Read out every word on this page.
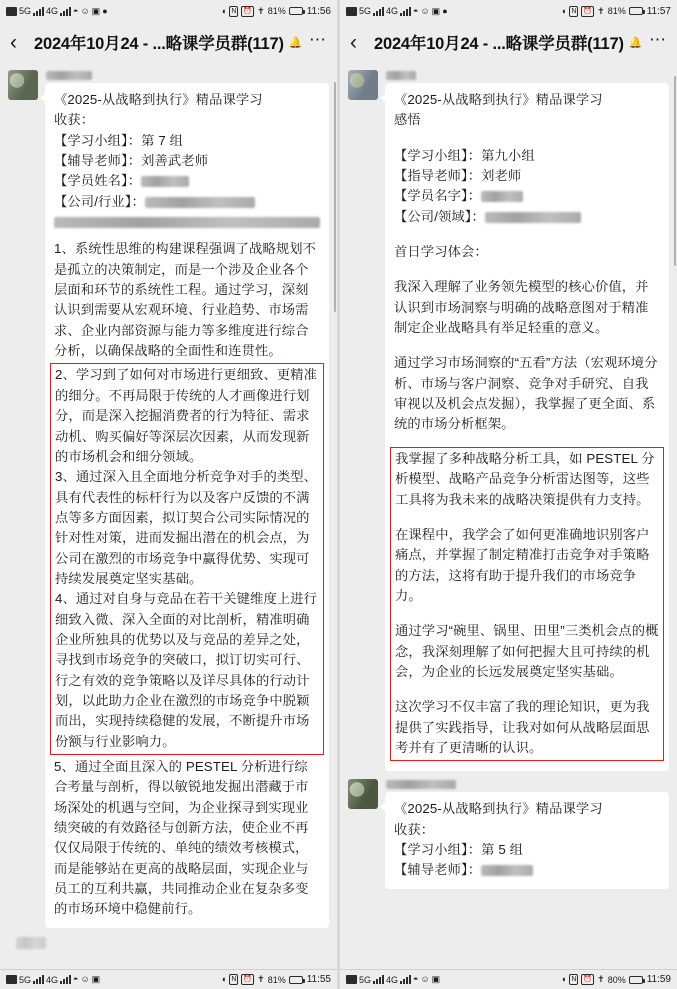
5G 4G ◓ ☺ ▣ ●	◖ N ⏰ ✝ 81% 11:56
‹	2024年10月24 - ...略课学员群(117) 🔔 ⋯

《2025-从战略到执行》精品课学习

收获：

【学习小组】：第 7 组

【辅导老师】：刘善武老师

【学员姓名】：

【公司/行业】：

1、系统性思维的构建课程强调了战略规划不是孤立的决策制定，而是一个涉及企业各个层面和环节的系统性工程。通过学习，深刻认识到需要从宏观环境、行业趋势、市场需求、企业内部资源与能力等多维度进行综合分析，以确保战略的全面性和连贯性。

2、学习到了如何对市场进行更细致、更精准的细分。不再局限于传统的人才画像进行划分，而是深入挖掘消费者的行为特征、需求动机、购买偏好等深层次因素，从而发现新的市场机会和细分领域。

3、通过深入且全面地分析竞争对手的类型、具有代表性的标杆行为以及客户反馈的不满点等多方面因素，拟订契合公司实际情况的针对性对策，进而发掘出潜在的机会点，为公司在激烈的市场竞争中赢得优势、实现可持续发展奠定坚实基础。

4、通过对自身与竞品在若干关键维度上进行细致入微、深入全面的对比剖析，精准明确企业所独具的优势以及与竞品的差异之处，寻找到市场竞争的突破口，拟订切实可行、行之有效的竞争策略以及详尽具体的行动计划，以此助力企业在激烈的市场竞争中脱颖而出，实现持续稳健的发展，不断提升市场份额与行业影响力。

5、通过全面且深入的 PESTEL 分析进行综合考量与剖析，得以敏锐地发掘出潜藏于市场深处的机遇与空间，为企业探寻到实现业绩突破的有效路径与创新方法，使企业不再仅仅局限于传统的、单纯的绩效考核模式，而是能够站在更高的战略层面，实现企业与员工的互利共赢，共同推动企业在复杂多变的市场环境中稳健前行。

5G 4G ◓ ☺ ▣	◖ N ⏰ ✝ 81% 11:55
5G 4G ◓ ☺ ▣ ●	◖ N ⏰ ✝ 81% 11:57
‹	2024年10月24 - ...略课学员群(117) 🔔 ⋯

《2025-从战略到执行》精品课学习

感悟

【学习小组】：第九小组

【指导老师】：刘老师

【学员名字】：

【公司/领域】：

首日学习体会：

我深入理解了业务领先模型的核心价值，并认识到市场洞察与明确的战略意图对于精准制定企业战略具有举足轻重的意义。

通过学习市场洞察的“五看”方法（宏观环境分析、市场与客户洞察、竞争对手研究、自我审视以及机会点发掘），我掌握了更全面、系统的市场分析框架。

我掌握了多种战略分析工具，如 PESTEL 分析模型、战略产品竞争分析雷达图等，这些工具将为我未来的战略决策提供有力支持。

在课程中，我学会了如何更准确地识别客户痛点，并掌握了制定精准打击竞争对手策略的方法，这将有助于提升我们的市场竞争力。

通过学习“碗里、锅里、田里”三类机会点的概念，我深刻理解了如何把握大且可持续的机会，为企业的长远发展奠定坚实基础。

这次学习不仅丰富了我的理论知识，更为我提供了实践指导，让我对如何从战略层面思考并有了更清晰的认识。

《2025-从战略到执行》精品课学习

收获：

【学习小组】：第 5 组

【辅导老师】：

5G 4G ◓ ☺ ▣	◖ N ⏰ ✝ 80% 11:59
